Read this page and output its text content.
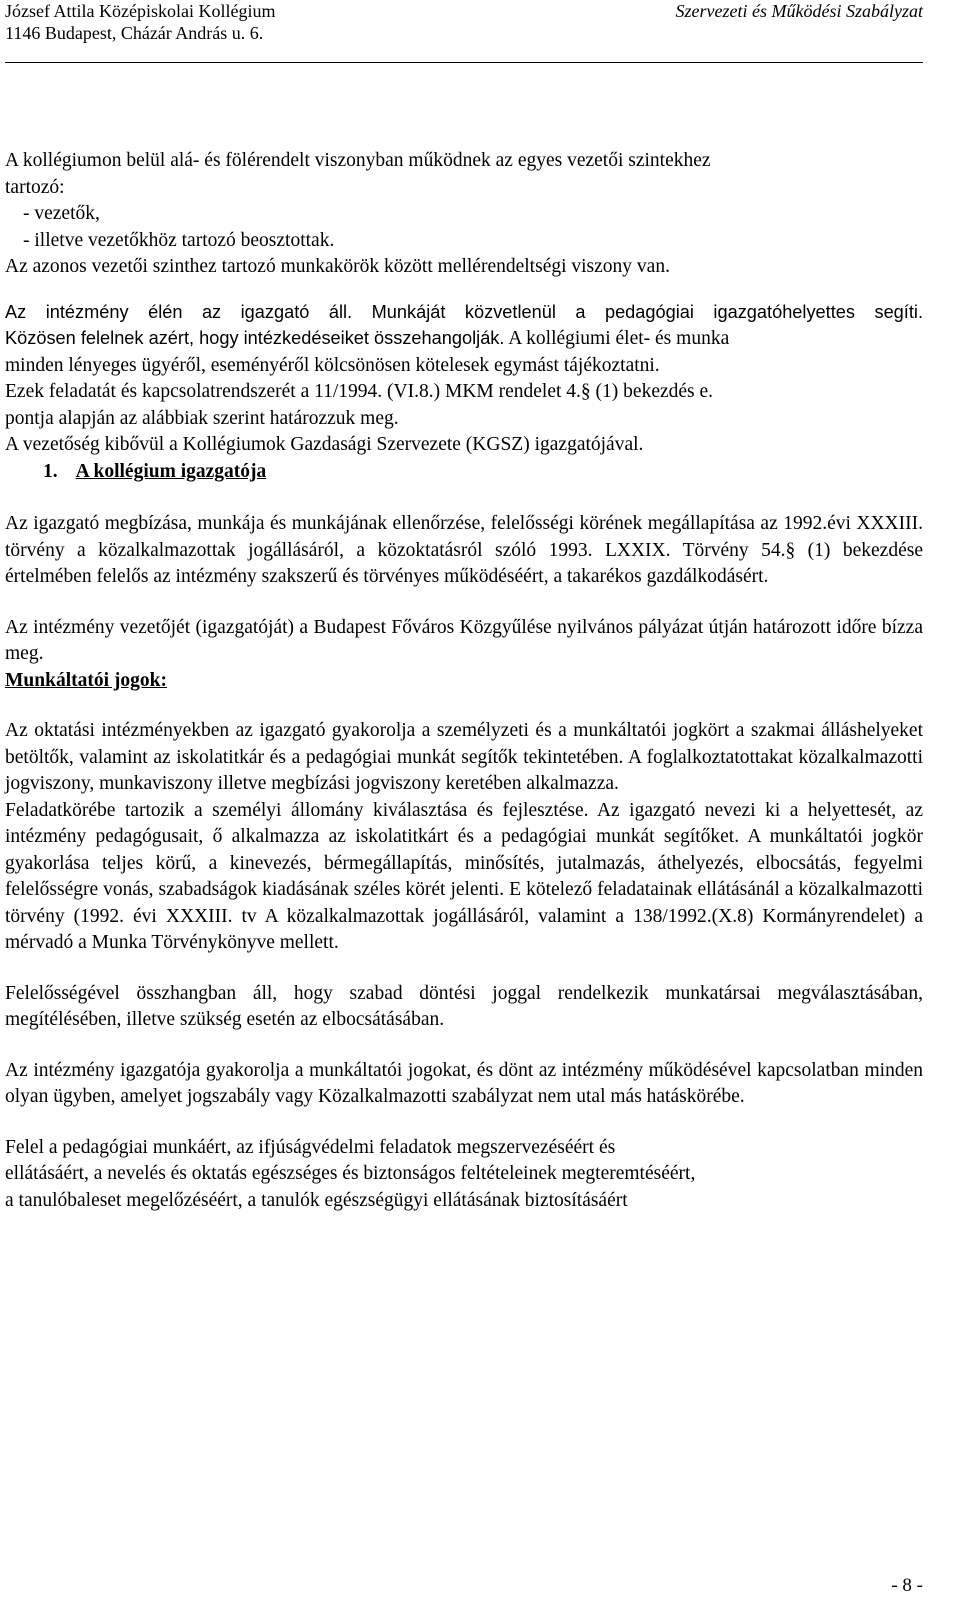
József Attila Középiskolai Kollégium
1146 Budapest, Cházár András u. 6.
Szervezeti és Működési Szabályzat

A kollégiumon belül alá- és fölérendelt viszonyban működnek az egyes vezetői szintekhez

tartozó:

- vezetők,

- illetve vezetőkhöz tartozó beosztottak.

Az azonos vezetői szinthez tartozó munkakörök között mellérendeltségi viszony van.

Az intézmény élén az igazgató áll. Munkáját közvetlenül a pedagógiai igazgatóhelyettes segíti.

Közösen felelnek azért, hogy intézkedéseiket összehangolják. A kollégiumi élet- és munka

minden lényeges ügyéről, eseményéről kölcsönösen kötelesek egymást tájékoztatni.

Ezek feladatát és kapcsolatrendszerét a 11/1994. (VI.8.) MKM rendelet 4.§ (1) bekezdés e.

pontja alapján az alábbiak szerint határozzuk meg.

A vezetőség kibővül a Kollégiumok Gazdasági Szervezete (KGSZ) igazgatójával.

1. A kollégium igazgatója

Az igazgató megbízása, munkája és munkájának ellenőrzése, felelősségi körének megállapítása az 1992.évi XXXIII. törvény a közalkalmazottak jogállásáról, a közoktatásról szóló 1993. LXXIX. Törvény 54.§ (1) bekezdése értelmében felelős az intézmény szakszerű és törvényes működéséért, a takarékos gazdálkodásért.

Az intézmény vezetőjét (igazgatóját) a Budapest Főváros Közgyűlése nyilvános pályázat útján határozott időre bízza meg.

Munkáltatói jogok:

Az oktatási intézményekben az igazgató gyakorolja a személyzeti és a munkáltatói jogkört a szakmai álláshelyeket betöltők, valamint az iskolatitkár és a pedagógiai munkát segítők tekintetében. A foglalkoztatottakat közalkalmazotti jogviszony, munkaviszony illetve megbízási jogviszony keretében alkalmazza.

Feladatkörébe tartozik a személyi állomány kiválasztása és fejlesztése. Az igazgató nevezi ki a helyettesét, az intézmény pedagógusait, ő alkalmazza az iskolatitkárt és a pedagógiai munkát segítőket. A munkáltatói jogkör gyakorlása teljes körű, a kinevezés, bérmegállapítás, minősítés, jutalmazás, áthelyezés, elbocsátás, fegyelmi felelősségre vonás, szabadságok kiadásának széles körét jelenti. E kötelező feladatainak ellátásánál a közalkalmazotti törvény (1992. évi XXXIII. tv A közalkalmazottak jogállásáról, valamint a 138/1992.(X.8) Kormányrendelet) a mérvadó a Munka Törvénykönyve mellett.

Felelősségével összhangban áll, hogy szabad döntési joggal rendelkezik munkatársai megválasztásában, megítélésében, illetve szükség esetén az elbocsátásában.

Az intézmény igazgatója gyakorolja a munkáltatói jogokat, és dönt az intézmény működésével kapcsolatban minden olyan ügyben, amelyet jogszabály vagy Közalkalmazotti szabályzat nem utal más hatáskörébe.

Felel a pedagógiai munkáért, az ifjúságvédelmi feladatok megszervezéséért és

ellátásáért, a nevelés és oktatás egészséges és biztonságos feltételeinek megteremtéséért,

a tanulóbaleset megelőzéséért, a tanulók egészségügyi ellátásának biztosításáért

- 8 -
